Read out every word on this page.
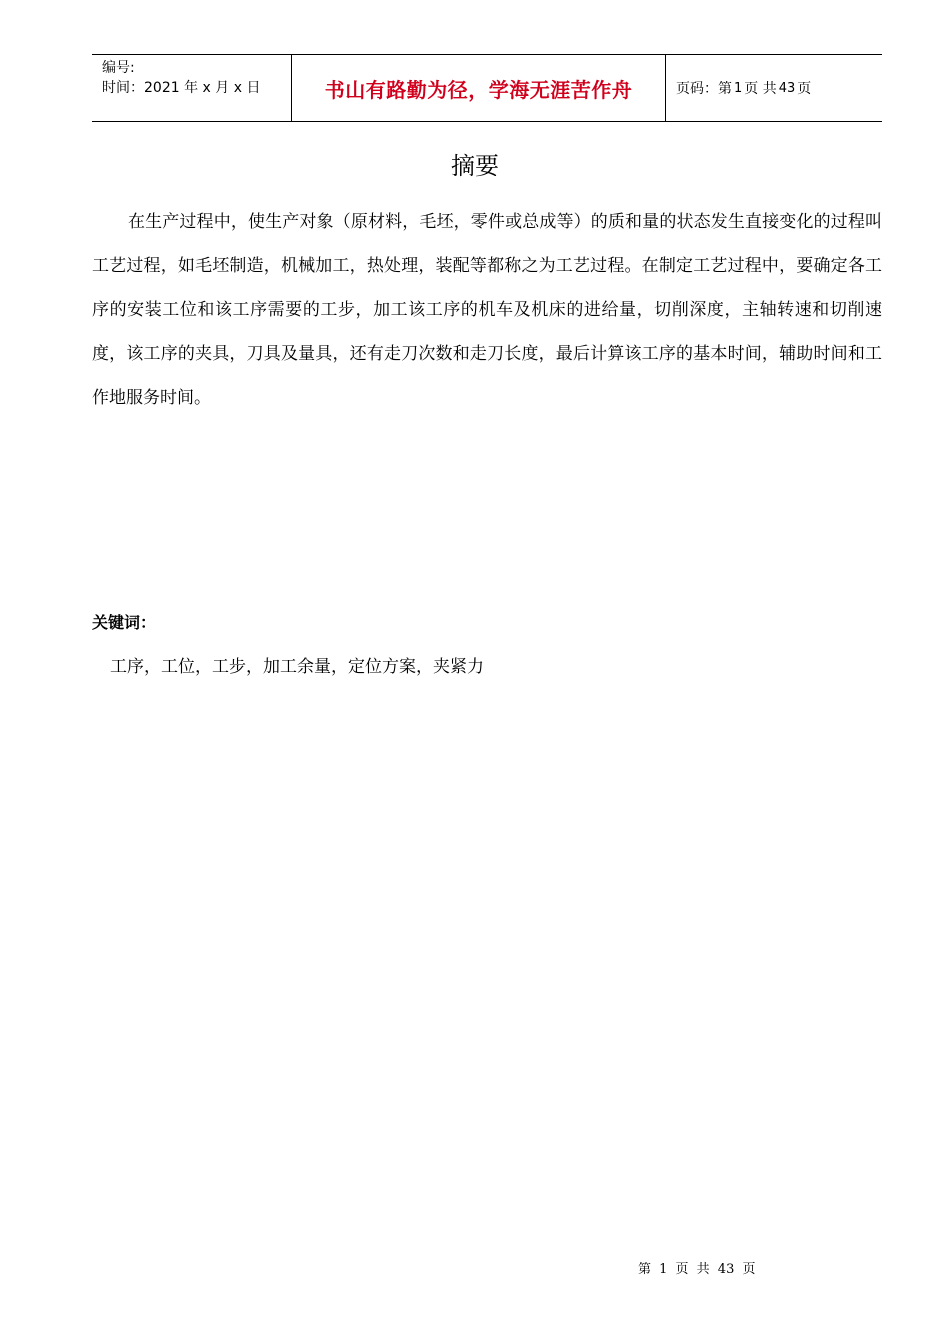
编号:
时间：2021 年 x 月 x 日	书山有路勤为径，学海无涯苦作舟	页码：第 1 页 共 43 页
摘要

在生产过程中，使生产对象（原材料，毛坯，零件或总成等）的质和量的状态发生直接变化的过程叫工艺过程，如毛坯制造，机械加工，热处理，装配等都称之为工艺过程。在制定工艺过程中，要确定各工序的安装工位和该工序需要的工步，加工该工序的机车及机床的进给量，切削深度，主轴转速和切削速度，该工序的夹具，刀具及量具，还有走刀次数和走刀长度，最后计算该工序的基本时间，辅助时间和工作地服务时间。

关键词：
工序，工位，工步，加工余量，定位方案，夹紧力
第 1 页 共 43 页
